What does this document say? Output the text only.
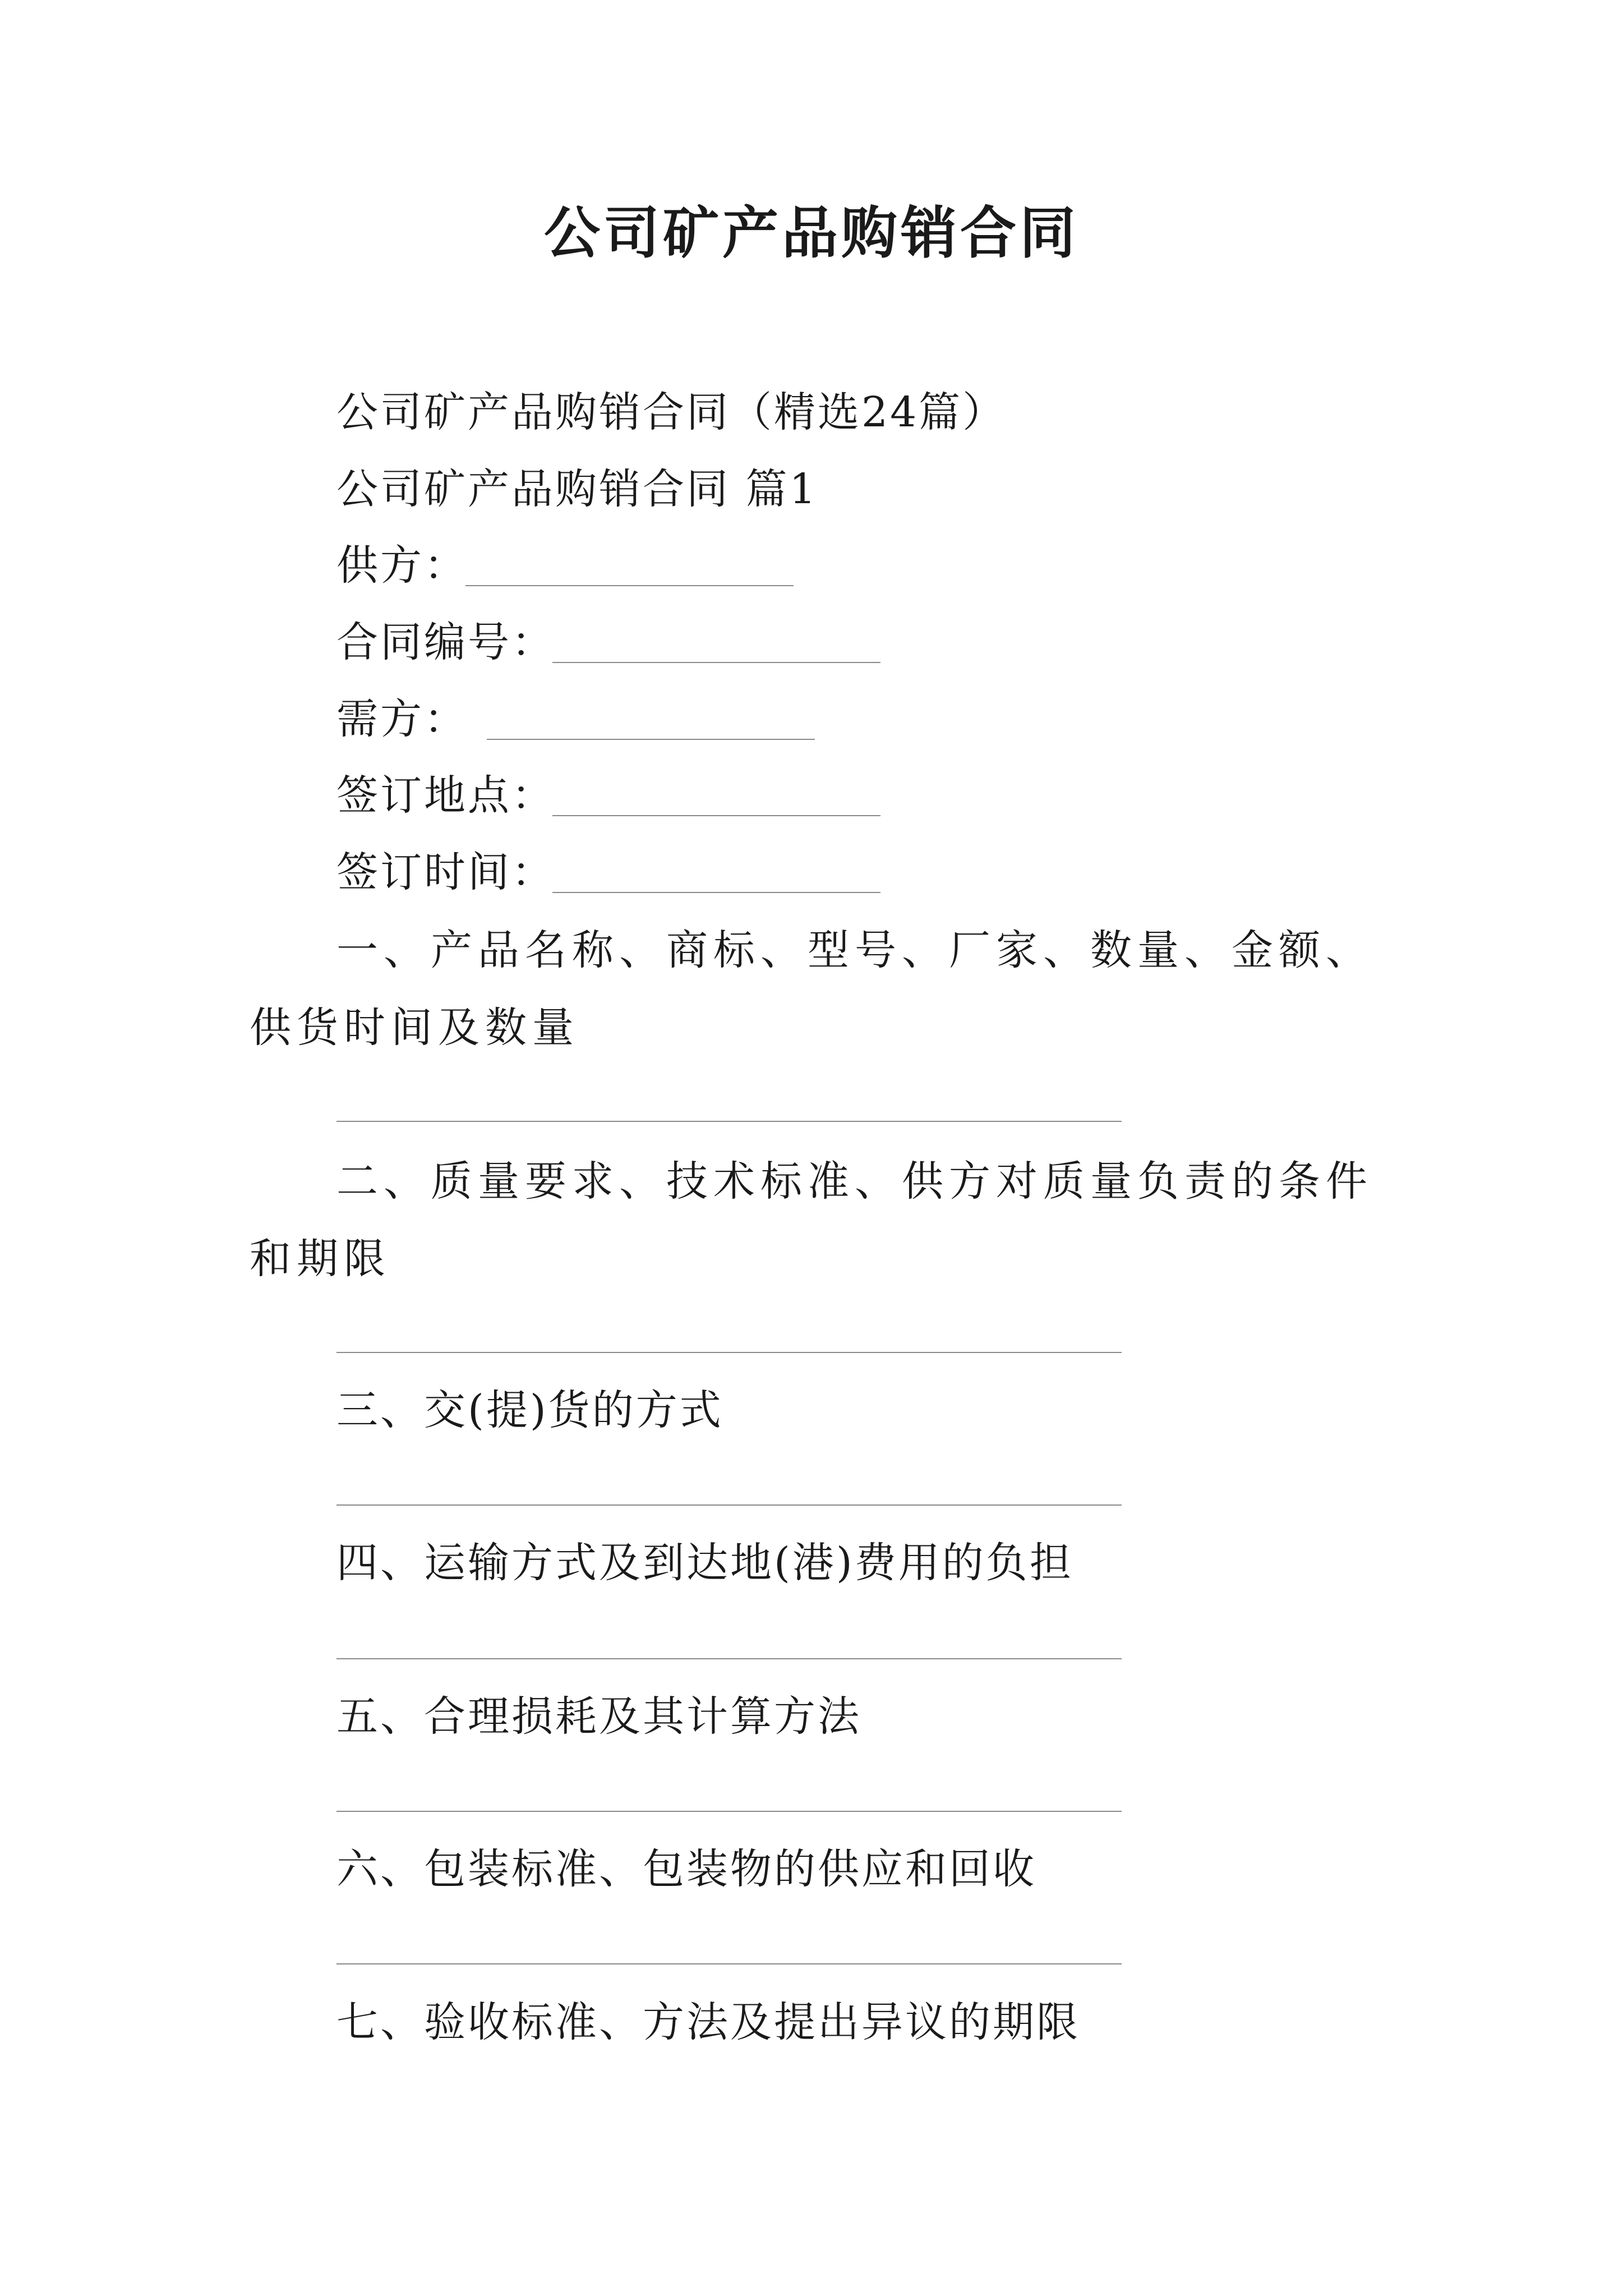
公司矿产品购销合同
公司矿产品购销合同（精选24篇）
公司矿产品购销合同 篇1
供方：
合同编号：
需方：
签订地点：
签订时间：
一、产品名称、商标、型号、厂家、数量、金额、供货时间及数量
二、质量要求、技术标准、供方对质量负责的条件和期限
三、交(提)货的方式
四、运输方式及到达地(港)费用的负担
五、合理损耗及其计算方法
六、包装标准、包装物的供应和回收
七、验收标准、方法及提出异议的期限
